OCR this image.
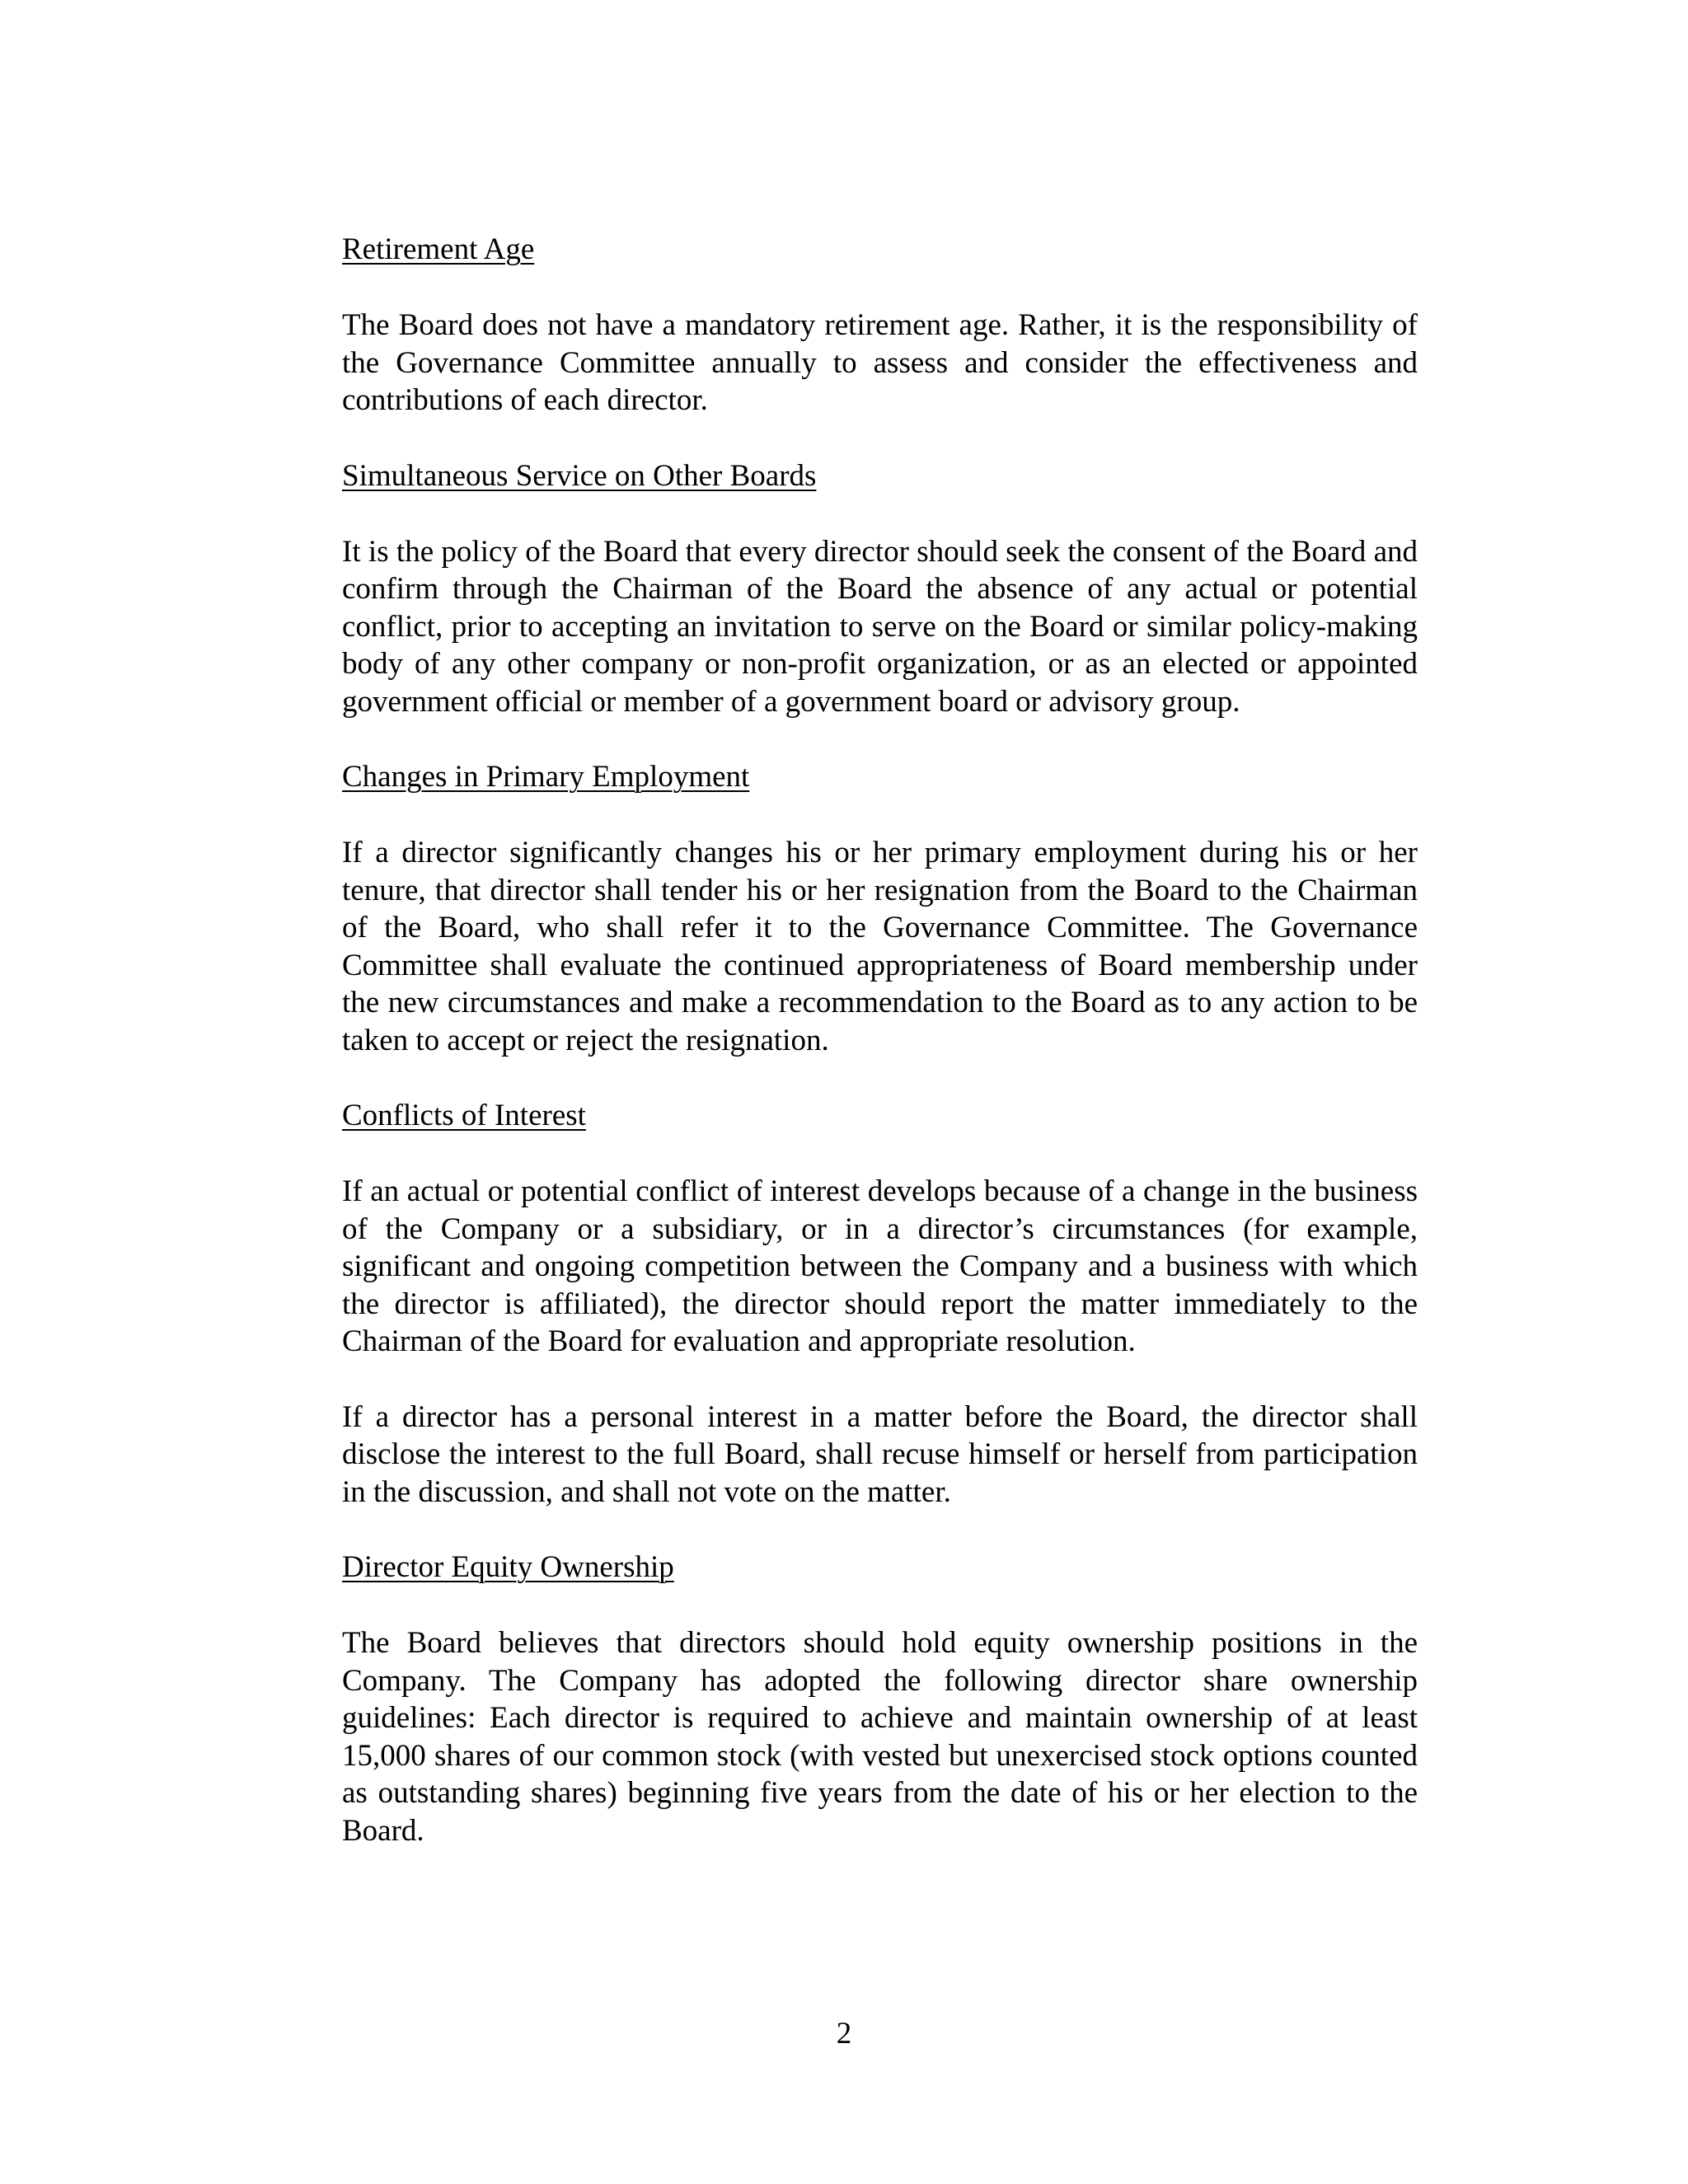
Retirement Age
The Board does not have a mandatory retirement age. Rather, it is the responsibility of the Governance Committee annually to assess and consider the effectiveness and contributions of each director.
Simultaneous Service on Other Boards
It is the policy of the Board that every director should seek the consent of the Board and confirm through the Chairman of the Board the absence of any actual or potential conflict, prior to accepting an invitation to serve on the Board or similar policy-making body of any other company or non-profit organization, or as an elected or appointed government official or member of a government board or advisory group.
Changes in Primary Employment
If a director significantly changes his or her primary employment during his or her tenure, that director shall tender his or her resignation from the Board to the Chairman of the Board, who shall refer it to the Governance Committee. The Governance Committee shall evaluate the continued appropriateness of Board membership under the new circumstances and make a recommendation to the Board as to any action to be taken to accept or reject the resignation.
Conflicts of Interest
If an actual or potential conflict of interest develops because of a change in the business of the Company or a subsidiary, or in a director’s circumstances (for example, significant and ongoing competition between the Company and a business with which the director is affiliated), the director should report the matter immediately to the Chairman of the Board for evaluation and appropriate resolution.
If a director has a personal interest in a matter before the Board, the director shall disclose the interest to the full Board, shall recuse himself or herself from participation in the discussion, and shall not vote on the matter.
Director Equity Ownership
The Board believes that directors should hold equity ownership positions in the Company. The Company has adopted the following director share ownership guidelines: Each director is required to achieve and maintain ownership of at least 15,000 shares of our common stock (with vested but unexercised stock options counted as outstanding shares) beginning five years from the date of his or her election to the Board.
2
